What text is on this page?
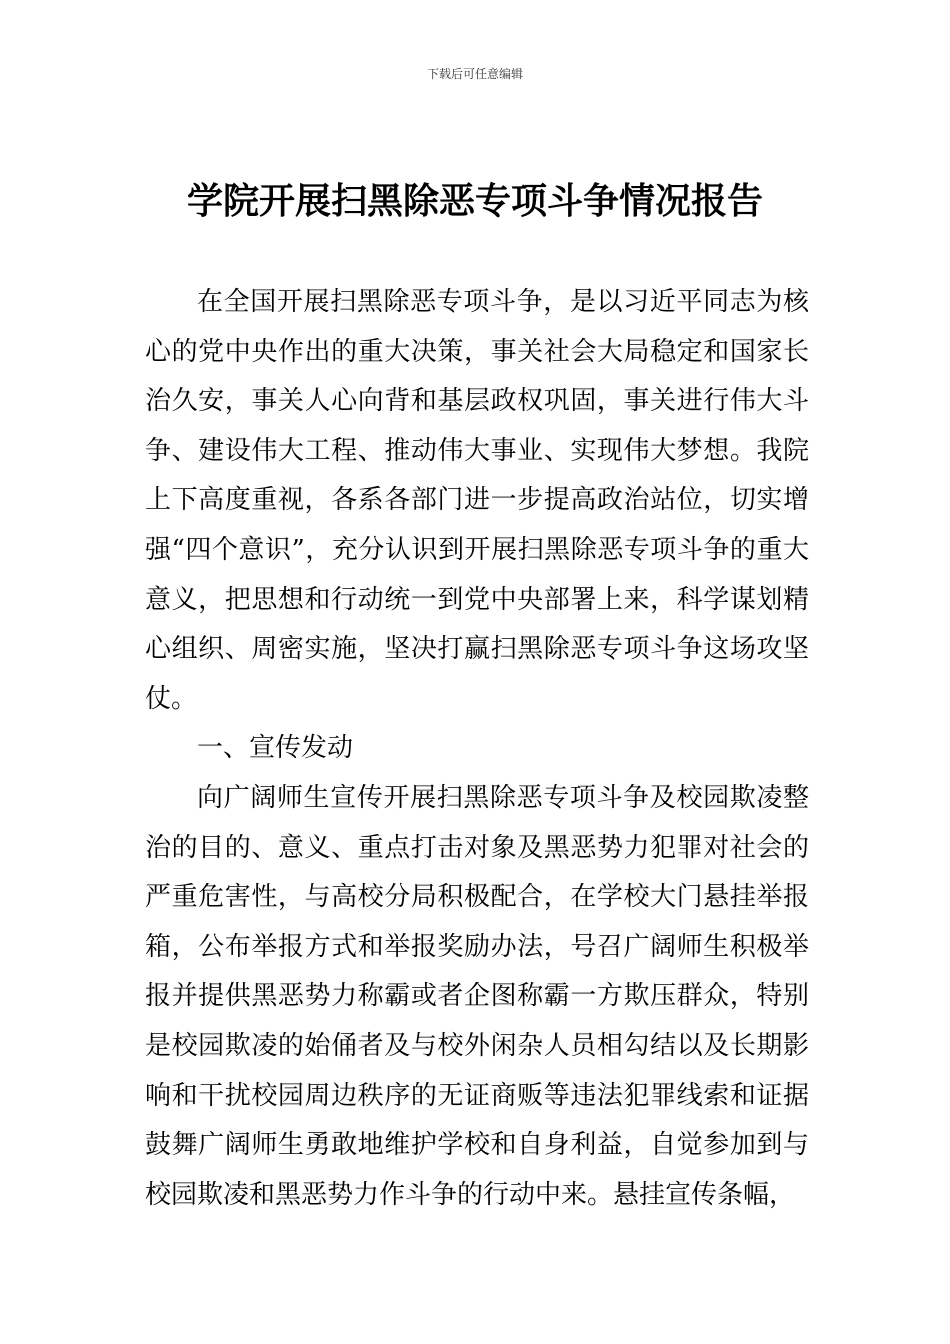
下载后可任意编辑
学院开展扫黑除恶专项斗争情况报告

在全国开展扫黑除恶专项斗争，是以习近平同志为核心的党中央作出的重大决策，事关社会大局稳定和国家长治久安，事关人心向背和基层政权巩固，事关进行伟大斗争、建设伟大工程、推动伟大事业、实现伟大梦想。我院上下高度重视，各系各部门进一步提高政治站位，切实增强“四个意识”，充分认识到开展扫黑除恶专项斗争的重大意义，把思想和行动统一到党中央部署上来，科学谋划精心组织、周密实施，坚决打赢扫黑除恶专项斗争这场攻坚仗。

一、宣传发动

向广阔师生宣传开展扫黑除恶专项斗争及校园欺凌整治的目的、意义、重点打击对象及黑恶势力犯罪对社会的严重危害性，与高校分局积极配合，在学校大门悬挂举报箱，公布举报方式和举报奖励办法，号召广阔师生积极举报并提供黑恶势力称霸或者企图称霸一方欺压群众，特别是校园欺凌的始俑者及与校外闲杂人员相勾结以及长期影响和干扰校园周边秩序的无证商贩等违法犯罪线索和证据鼓舞广阔师生勇敢地维护学校和自身利益，自觉参加到与校园欺凌和黑恶势力作斗争的行动中来。悬挂宣传条幅，
